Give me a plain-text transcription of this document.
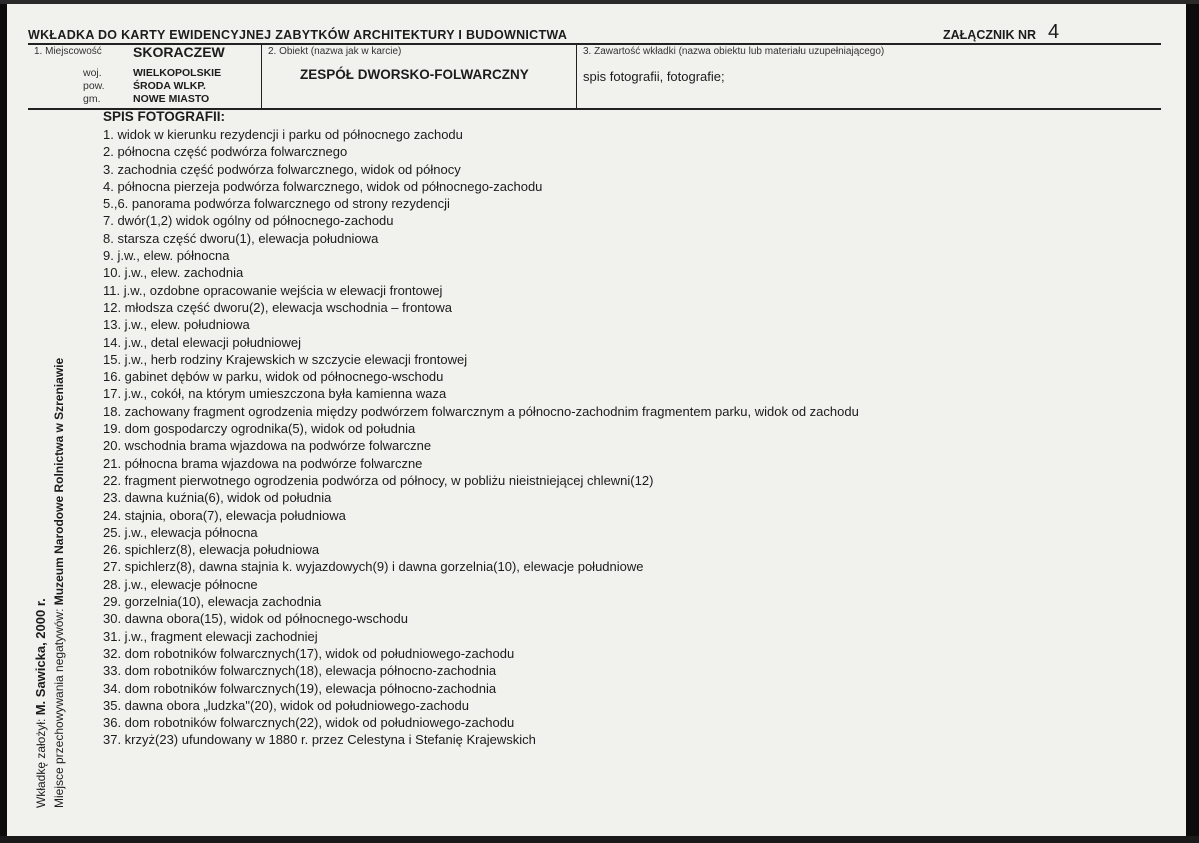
WKŁADKA DO KARTY EWIDENCYJNEJ ZABYTKÓW ARCHITEKTURY I BUDOWNICTWA	ZAŁĄCZNIK NR 4
1. Miejscowość SKORACZEW
woj.	WIELKOPOLSKIE
pow.	ŚRODA WLKP.
gm.	NOWE MIASTO
2. Obiekt (nazwa jak w karcie)
ZESPÓŁ DWORSKO-FOLWARCZNY
3. Zawartość wkładki (nazwa obiektu lub materiału uzupełniającego)
spis fotografii, fotografie;
SPIS FOTOGRAFII:
1. widok w kierunku rezydencji i parku od północnego zachodu
2. północna część podwórza folwarcznego
3. zachodnia część podwórza folwarcznego, widok od północy
4. północna pierzeja podwórza folwarcznego, widok od północnego-zachodu
5.,6. panorama podwórza folwarcznego od strony rezydencji
7. dwór(1,2) widok ogólny od północnego-zachodu
8. starsza część dworu(1), elewacja południowa
9. j.w., elew. północna
10. j.w., elew. zachodnia
11. j.w., ozdobne opracowanie wejścia w elewacji frontowej
12. młodsza część dworu(2), elewacja wschodnia – frontowa
13. j.w., elew. południowa
14. j.w., detal elewacji południowej
15. j.w., herb rodziny Krajewskich w szczycie elewacji frontowej
16. gabinet dębów w parku, widok od północnego-wschodu
17. j.w., cokół, na którym umieszczona była kamienna waza
18. zachowany fragment ogrodzenia między podwórzem folwarcznym a północno-zachodnim fragmentem parku, widok od zachodu
19. dom gospodarczy ogrodnika(5), widok od południa
20. wschodnia brama wjazdowa na podwórze folwarczne
21. północna brama wjazdowa na podwórze folwarczne
22. fragment pierwotnego ogrodzenia podwórza od północy, w pobliżu nieistniejącej chlewni(12)
23. dawna kuźnia(6), widok od południa
24. stajnia, obora(7), elewacja południowa
25. j.w., elewacja północna
26. spichlerz(8), elewacja południowa
27. spichlerz(8), dawna stajnia k. wyjazdowych(9) i dawna gorzelnia(10), elewacje południowe
28. j.w., elewacje północne
29. gorzelnia(10), elewacja zachodnia
30. dawna obora(15), widok od północnego-wschodu
31. j.w., fragment elewacji zachodniej
32. dom robotników folwarcznych(17), widok od południowego-zachodu
33. dom robotników folwarcznych(18), elewacja północno-zachodnia
34. dom robotników folwarcznych(19), elewacja północno-zachodnia
35. dawna obora „ludzka"(20), widok od południowego-zachodu
36. dom robotników folwarcznych(22), widok od południowego-zachodu
37. krzyż(23) ufundowany w 1880 r. przez Celestyna i Stefanię Krajewskich
Wkładkę założył: M. Sawicka, 2000 r. Miejsce przechowywania negatywów: Muzeum Narodowe Rolnictwa w Szreniawie
